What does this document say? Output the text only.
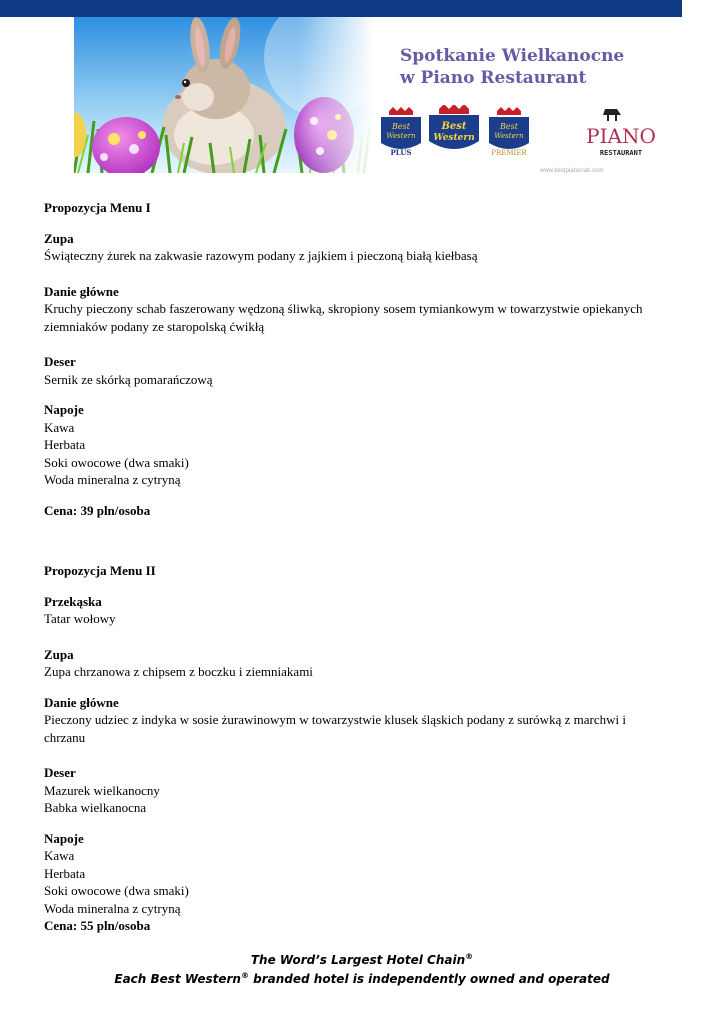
Spotkanie Wielkanocne
w Piano Restaurant
Best
Western
PLUS
Best
Western
Best
Western
PREMIER
PIANO
RESTAURANT
www.bestpianonab.com

Propozycja Menu I

Zupa

Świąteczny żurek na zakwasie razowym podany z jajkiem i pieczoną białą kiełbasą

Danie główne

Kruchy pieczony schab faszerowany wędzoną śliwką, skropiony sosem tymiankowym w towarzystwie opiekanych

ziemniaków podany ze staropolską ćwikłą

Deser

Sernik ze skórką pomarańczową

Napoje

Kawa

Herbata

Soki owocowe (dwa smaki)

Woda mineralna z cytryną

Cena: 39 pln/osoba

Propozycja Menu II

Przekąska

Tatar wołowy

Zupa

Zupa chrzanowa z chipsem z boczku i ziemniakami

Danie główne

Pieczony udziec z indyka w sosie żurawinowym w towarzystwie klusek śląskich podany z surówką z marchwi i

chrzanu

Deser

Mazurek wielkanocny

Babka wielkanocna

Napoje

Kawa

Herbata

Soki owocowe (dwa smaki)

Woda mineralna z cytryną

Cena: 55 pln/osoba

The Word’s Largest Hotel Chain®
Each Best Western® branded hotel is independently owned and operated
